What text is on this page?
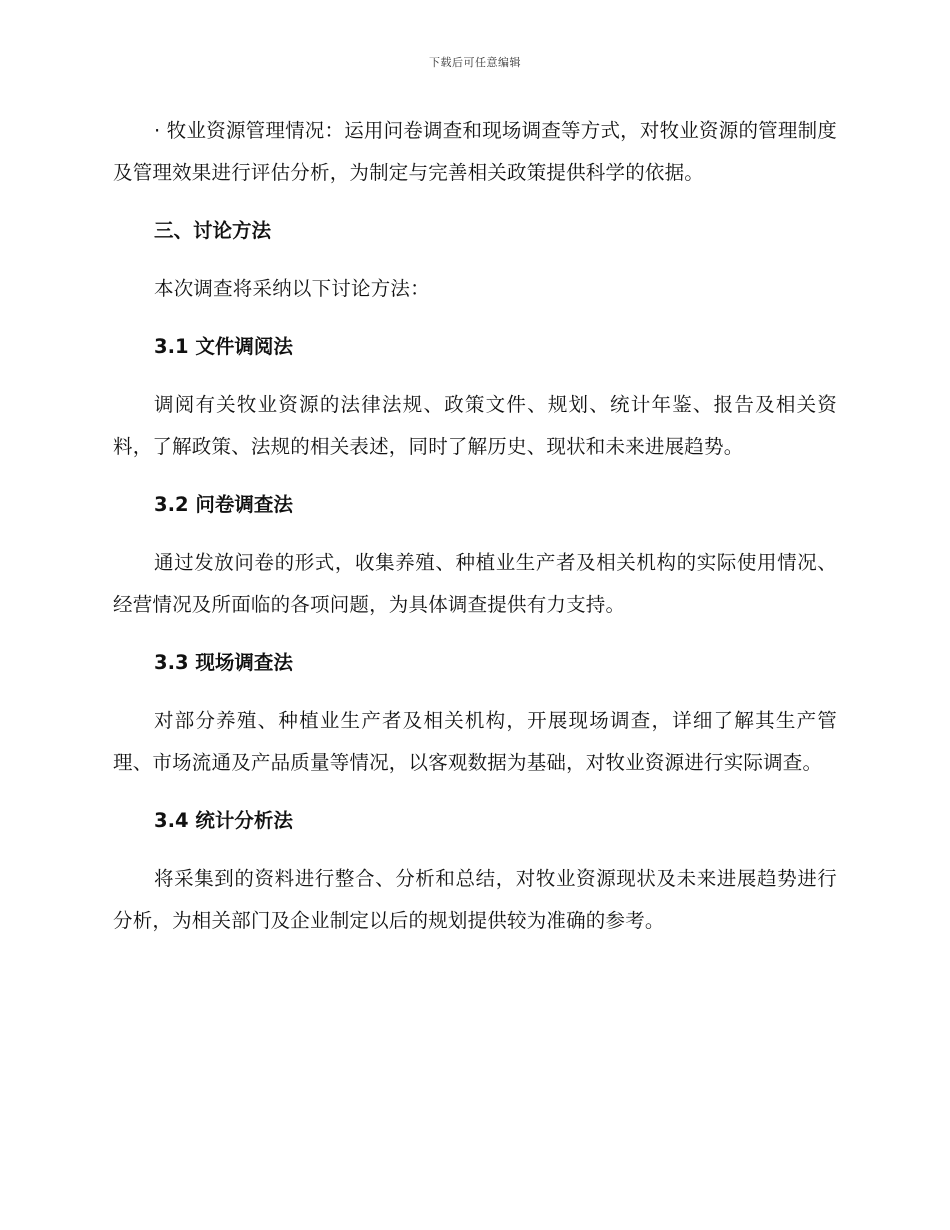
下载后可任意编辑

· 牧业资源管理情况：运用问卷调查和现场调查等方式，对牧业资源的管理制度及管理效果进行评估分析，为制定与完善相关政策提供科学的依据。

三、讨论方法

本次调查将采纳以下讨论方法：

3.1 文件调阅法

调阅有关牧业资源的法律法规、政策文件、规划、统计年鉴、报告及相关资料，了解政策、法规的相关表述，同时了解历史、现状和未来进展趋势。

3.2 问卷调查法

通过发放问卷的形式，收集养殖、种植业生产者及相关机构的实际使用情况、经营情况及所面临的各项问题，为具体调查提供有力支持。

3.3 现场调查法

对部分养殖、种植业生产者及相关机构，开展现场调查，详细了解其生产管理、市场流通及产品质量等情况，以客观数据为基础，对牧业资源进行实际调查。

3.4 统计分析法

将采集到的资料进行整合、分析和总结，对牧业资源现状及未来进展趋势进行分析，为相关部门及企业制定以后的规划提供较为准确的参考。
